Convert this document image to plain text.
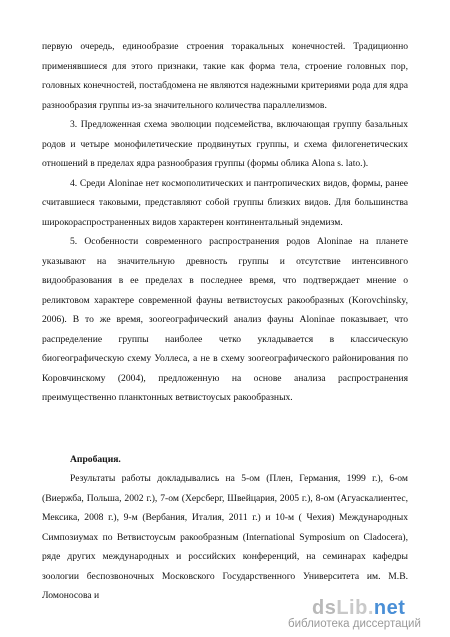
первую очередь, единообразие строения торакальных конечностей. Традиционно применявшиеся для этого признаки, такие как форма тела, строение головных пор, головных конечностей, постабдомена не являются надежными критериями рода для ядра разнообразия группы из-за значительного количества параллелизмов.

3. Предложенная схема эволюции подсемейства, включающая группу базальных родов и четыре монофилетические продвинутых группы, и схема филогенетических отношений в пределах ядра разнообразия группы (формы облика Alona s. lato.).

4. Среди Aloninae нет космополитических и пантропических видов, формы, ранее считавшиеся таковыми, представляют собой группы близких видов. Для большинства широкораспространенных видов характерен континентальный эндемизм.

5. Особенности современного распространения родов Aloninae на планете указывают на значительную древность группы и отсутствие интенсивного видообразования в ее пределах в последнее время, что подтверждает мнение о реликтовом характере современной фауны ветвистоусых ракообразных (Korovchinsky, 2006). В то же время, зоогеографический анализ фауны Aloninae показывает, что распределение группы наиболее четко укладывается в классическую биогеографическую схему Уоллеса, а не в схему зоогеографического районирования по Коровчинскому (2004), предложенную на основе анализа распространения преимущественно планктонных ветвистоусых ракообразных.

Апробация.

Результаты работы докладывались на 5-ом (Плен, Германия, 1999 г.), 6-ом (Виержба, Польша, 2002 г.), 7-ом (Херсберг, Швейцария, 2005 г.), 8-ом (Агуаскалиентес, Мексика, 2008 г.), 9-м (Вербания, Италия, 2011 г.) и 10-м ( Чехия) Международных Симпозиумах по Ветвистоусым ракообразным (International Symposium on Cladocera), ряде других международных и российских конференций, на семинарах кафедры зоологии беспозвоночных Московского Государственного Университета им. М.В. Ломоносова и

dsLib.net
библиотека диссертаций
